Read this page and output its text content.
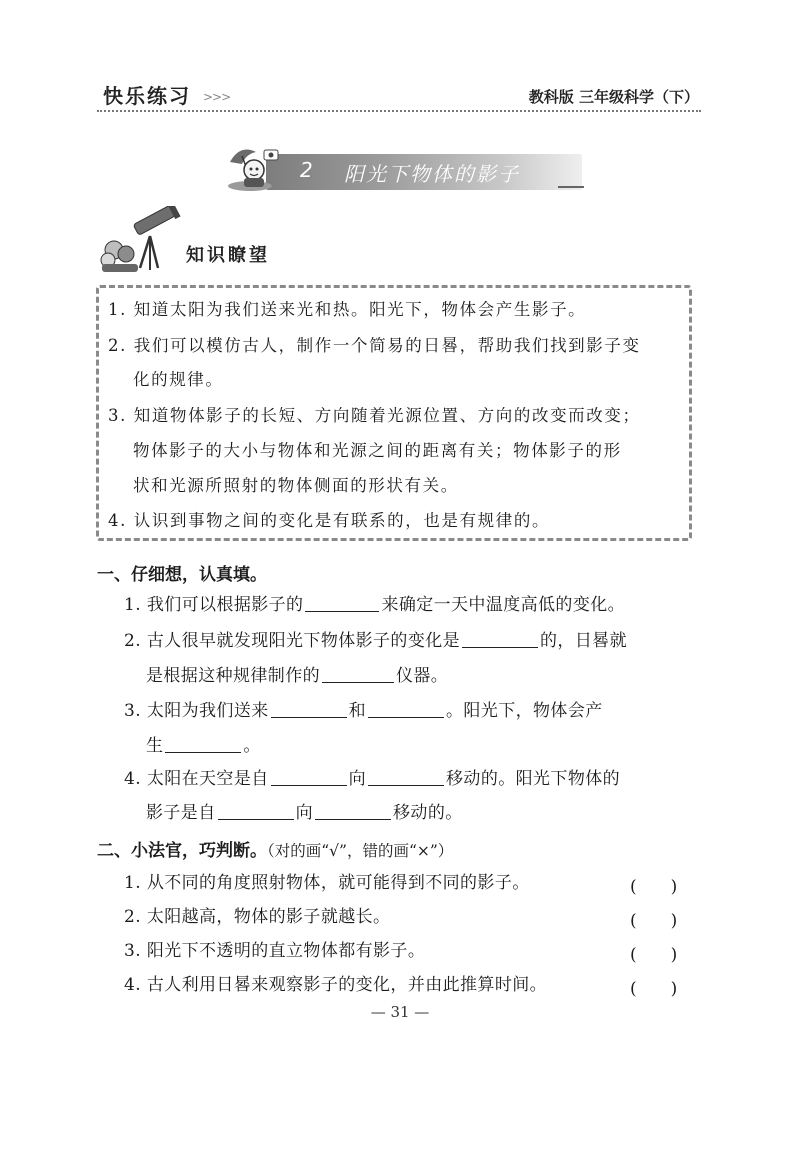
快乐练习 >>>	教科版 三年级科学（下）
2 阳光下物体的影子
知识瞭望
1. 知道太阳为我们送来光和热。阳光下，物体会产生影子。
2. 我们可以模仿古人，制作一个简易的日晷，帮助我们找到影子变
化的规律。
3. 知道物体影子的长短、方向随着光源位置、方向的改变而改变；
物体影子的大小与物体和光源之间的距离有关；物体影子的形
状和光源所照射的物体侧面的形状有关。
4. 认识到事物之间的变化是有联系的，也是有规律的。
一、仔细想，认真填。
1. 我们可以根据影子的	来确定一天中温度高低的变化。
2. 古人很早就发现阳光下物体影子的变化是	的，日晷就
是根据这种规律制作的	仪器。
3. 太阳为我们送来	和	。阳光下，物体会产
生	。
4. 太阳在天空是自	向	移动的。阳光下物体的
影子是自	向	移动的。
二、小法官，巧判断。（对的画“√”，错的画“×”）
1. 从不同的角度照射物体，就可能得到不同的影子。	(　　)
2. 太阳越高，物体的影子就越长。	(　　)
3. 阳光下不透明的直立物体都有影子。	(　　)
4. 古人利用日晷来观察影子的变化，并由此推算时间。	(　　)
— 31 —
